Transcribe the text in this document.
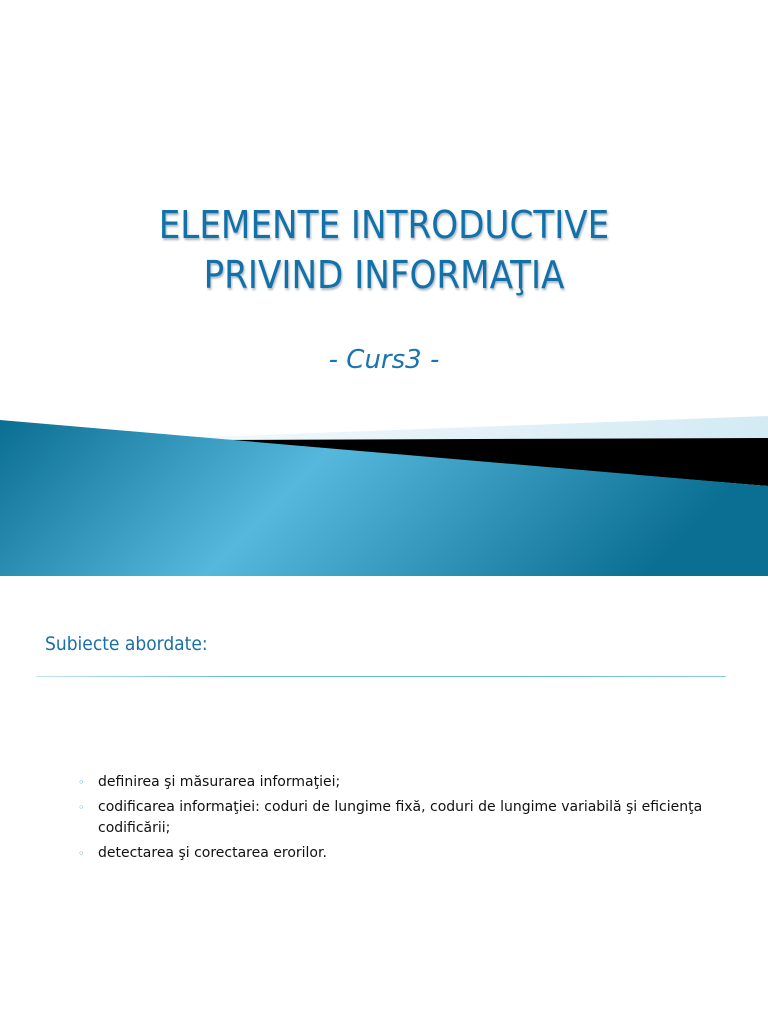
ELEMENTE INTRODUCTIVE
PRIVIND INFORMAŢIA
- Curs3 -
Subiecte abordate:
◦ definirea şi măsurarea informaţiei;
◦ codificarea informaţiei: coduri de lungime fixă, coduri de lungime variabilă şi eficienţa codificării;
◦ detectarea şi corectarea erorilor.
